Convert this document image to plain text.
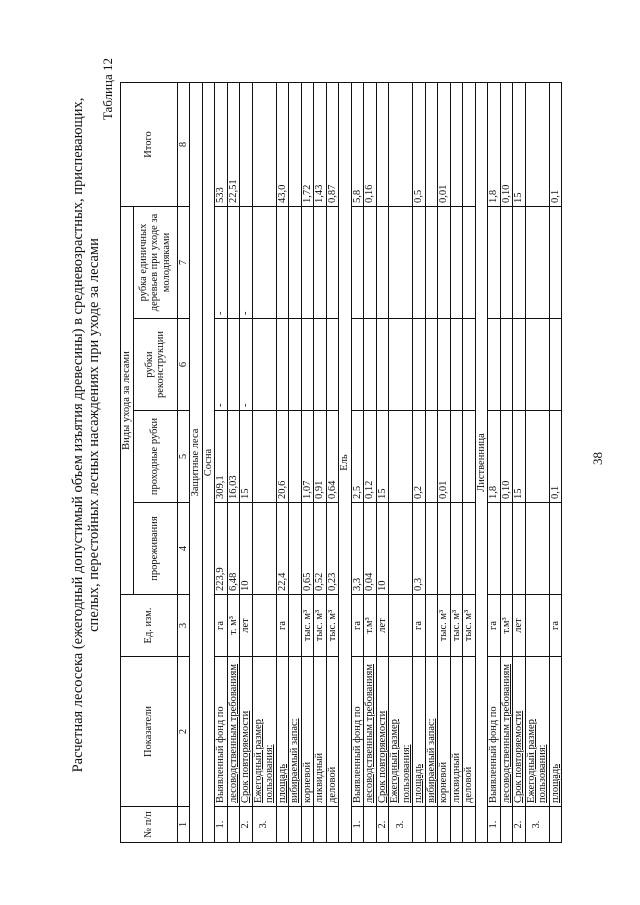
Расчетная лесосека (ежегодный допустимый объем изъятия древесины) в средневозрастных, приспевающих, спелых, перестойных лесных насаждениях при уходе за лесами
Таблица 12
№ п/п	Показатели	Ед. изм.	Виды ухода за лесами				Итого
			прореживания	проходные рубки	рубки реконструкции	рубка единичных деревьев при уходе за молодняками	
1	2	3	4	5	6	7	8
Защитные леса							
Сосна							
1.	Выявленный фонд по	га	223,9	309,1	-	-	533
	лесоводственным требованиям	т. м³	6,48	16,03			22,51
2.	Срок повторяемости	лет	10	15	-	-	
3.	Ежегодный размер пользования:						
	площадь	га	22,4	20,6			43,0
	вибираемый запас:						
	корневой	тыс. м³	0,65	1,07			1,72
	ликвидный	тыс. м³	0,52	0,91			1,43
	деловой	тыс. м³	0,23	0,64			0,87
Ель							
1.	Выявленный фонд по	га	3,3	2,5			5,8
	лесоводственным требованиям	т.м³	0,04	0,12			0,16
2.	Срок повторяемости	лет	10	15			
3.	Ежегодный размер пользования:						
	площадь	га	0,3	0,2			0,5
	вибираемый запас:						
	корневой	тыс. м³		0,01			0,01
	ликвидный	тыс. м³					
	деловой	тыс. м³					
Лиственница							
1.	Выявленный фонд по	га		1,8			1,8
	лесоводственным требованиям	т.м³		0,10			0,10
2.	Срок повторяемости	лет		15			15
3.	Ежегодный размер пользования:						
	площадь	га		0,1			0,1
38
